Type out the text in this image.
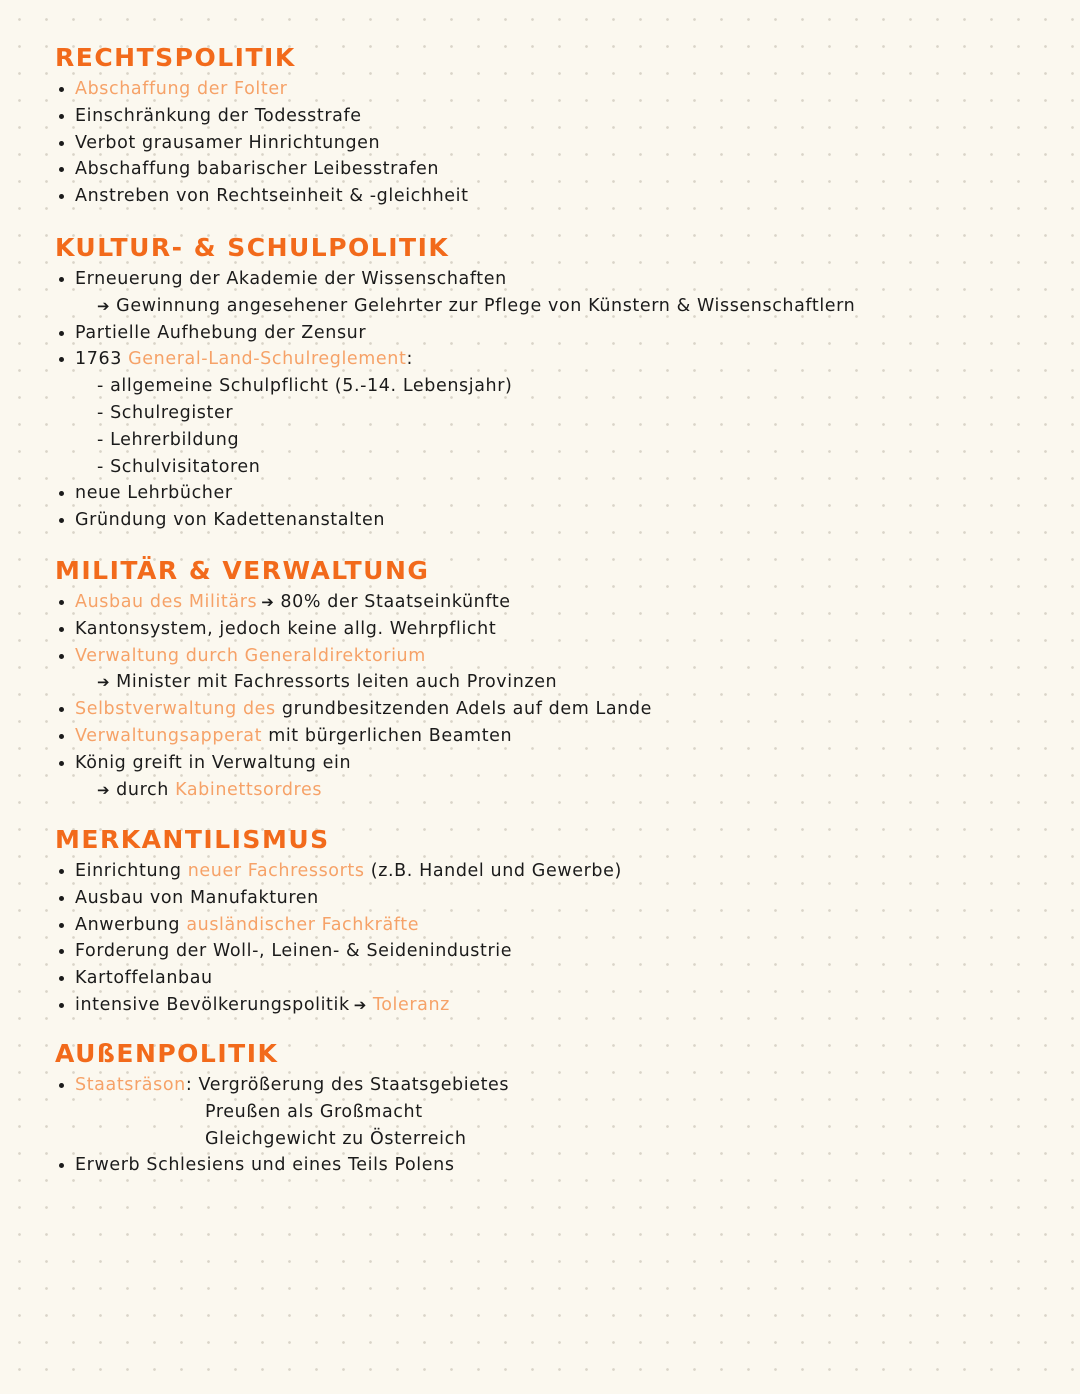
RECHTSPOLITIK
Abschaffung der Folter
Einschränkung der Todesstrafe
Verbot grausamer Hinrichtungen
Abschaffung babarischer Leibesstrafen
Anstreben von Rechtseinheit & -gleichheit
KULTUR- & SCHULPOLITIK
Erneuerung der Akademie der Wissenschaften
➔ Gewinnung angesehener Gelehrter zur Pflege von Künstern & Wissenschaftlern
Partielle Aufhebung der Zensur
1763 General-Land-Schulreglement:
- allgemeine Schulpflicht (5.-14. Lebensjahr)
- Schulregister
- Lehrerbildung
- Schulvisitatoren
neue Lehrbücher
Gründung von Kadettenanstalten
MILITÄR & VERWALTUNG
Ausbau des Militärs ➔ 80% der Staatseinkünfte
Kantonsystem, jedoch keine allg. Wehrpflicht
Verwaltung durch Generaldirektorium
➔ Minister mit Fachressorts leiten auch Provinzen
Selbstverwaltung des grundbesitzenden Adels auf dem Lande
Verwaltungsapperat mit bürgerlichen Beamten
König greift in Verwaltung ein
➔ durch Kabinettsordres
MERKANTILISMUS
Einrichtung neuer Fachressorts (z.B. Handel und Gewerbe)
Ausbau von Manufakturen
Anwerbung ausländischer Fachkräfte
Forderung der Woll-, Leinen- & Seidenindustrie
Kartoffelanbau
intensive Bevölkerungspolitik ➔ Toleranz
AUßENPOLITIK
Staatsräson: Vergrößerung des Staatsgebietes
Preußen als Großmacht
Gleichgewicht zu Österreich
Erwerb Schlesiens und eines Teils Polens
